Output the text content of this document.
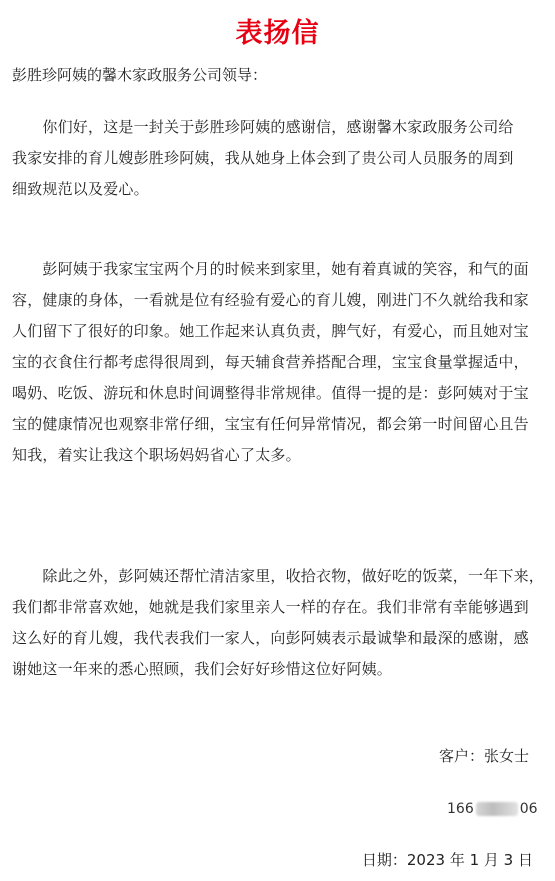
表扬信
彭胜珍阿姨的馨木家政服务公司领导：
　　你们好，这是一封关于彭胜珍阿姨的感谢信，感谢馨木家政服务公司给
我家安排的育儿嫂彭胜珍阿姨，我从她身上体会到了贵公司人员服务的周到
细致规范以及爱心。
　　彭阿姨于我家宝宝两个月的时候来到家里，她有着真诚的笑容，和气的面
容，健康的身体，一看就是位有经验有爱心的育儿嫂，刚进门不久就给我和家
人们留下了很好的印象。她工作起来认真负责，脾气好，有爱心，而且她对宝
宝的衣食住行都考虑得很周到，每天辅食营养搭配合理，宝宝食量掌握适中，
喝奶、吃饭、游玩和休息时间调整得非常规律。值得一提的是：彭阿姨对于宝
宝的健康情况也观察非常仔细，宝宝有任何异常情况，都会第一时间留心且告
知我，着实让我这个职场妈妈省心了太多。
　　除此之外，彭阿姨还帮忙清洁家里，收拾衣物，做好吃的饭菜，一年下来，
我们都非常喜欢她，她就是我们家里亲人一样的存在。我们非常有幸能够遇到
这么好的育儿嫂，我代表我们一家人，向彭阿姨表示最诚挚和最深的感谢，感
谢她这一年来的悉心照顾，我们会好好珍惜这位好阿姨。
客户：张女士
166	06
日期：2023 年 1 月 3 日
